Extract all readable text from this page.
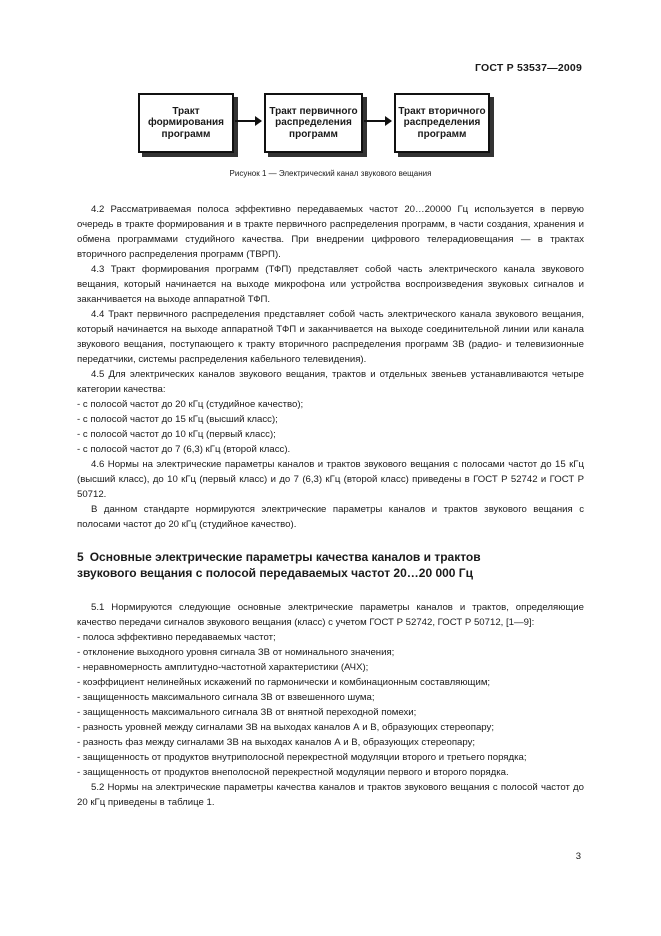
ГОСТ Р 53537—2009
Тракт
формирования
программ
Тракт первичного
распределения
программ
Тракт вторичного
распределения
программ
Рисунок 1 — Электрический канал звукового вещания

4.2 Рассматриваемая полоса эффективно передаваемых частот 20…20000 Гц используется в первую очередь в тракте формирования и в тракте первичного распределения программ, в части создания, хранения и обмена программами студийного качества. При внедрении цифрового телерадиовещания — в трактах вторичного распределения программ (ТВРП).

4.3 Тракт формирования программ (ТФП) представляет собой часть электрического канала звукового вещания, который начинается на выходе микрофона или устройства воспроизведения звуковых сигналов и заканчивается на выходе аппаратной ТФП.

4.4 Тракт первичного распределения представляет собой часть электрического канала звукового вещания, который начинается на выходе аппаратной ТФП и заканчивается на выходе соединительной линии или канала звукового вещания, поступающего к тракту вторичного распределения программ ЗВ (радио- и телевизионные передатчики, системы распределения кабельного телевидения).

4.5 Для электрических каналов звукового вещания, трактов и отдельных звеньев устанавливаются четыре категории качества:

- с полосой частот до 20 кГц (студийное качество);

- с полосой частот до 15 кГц (высший класс);

- с полосой частот до 10 кГц (первый класс);

- с полосой частот до 7 (6,3) кГц (второй класс).

4.6 Нормы на электрические параметры каналов и трактов звукового вещания с полосами частот до 15 кГц (высший класс), до 10 кГц (первый класс) и до 7 (6,3) кГц (второй класс) приведены в ГОСТ Р 52742 и ГОСТ Р 50712.

В данном стандарте нормируются электрические параметры каналов и трактов звукового вещания с полосами частот до 20 кГц (студийное качество).

5 Основные электрические параметры качества каналов и трактов
звукового вещания с полосой передаваемых частот 20…20 000 Гц

5.1 Нормируются следующие основные электрические параметры каналов и трактов, определяющие качество передачи сигналов звукового вещания (класс) с учетом ГОСТ Р 52742, ГОСТ Р 50712, [1—9]:

- полоса эффективно передаваемых частот;

- отклонение выходного уровня сигнала ЗВ от номинального значения;

- неравномерность амплитудно-частотной характеристики (АЧХ);

- коэффициент нелинейных искажений по гармонически и комбинационным составляющим;

- защищенность максимального сигнала ЗВ от взвешенного шума;

- защищенность максимального сигнала ЗВ от внятной переходной помехи;

- разность уровней между сигналами ЗВ на выходах каналов А и В, образующих стереопару;

- разность фаз между сигналами ЗВ на выходах каналов А и В, образующих стереопару;

- защищенность от продуктов внутриполосной перекрестной модуляции второго и третьего порядка;

- защищенность от продуктов внеполосной перекрестной модуляции первого и второго порядка.

5.2 Нормы на электрические параметры качества каналов и трактов звукового вещания с полосой частот до 20 кГц приведены в таблице 1.

3
